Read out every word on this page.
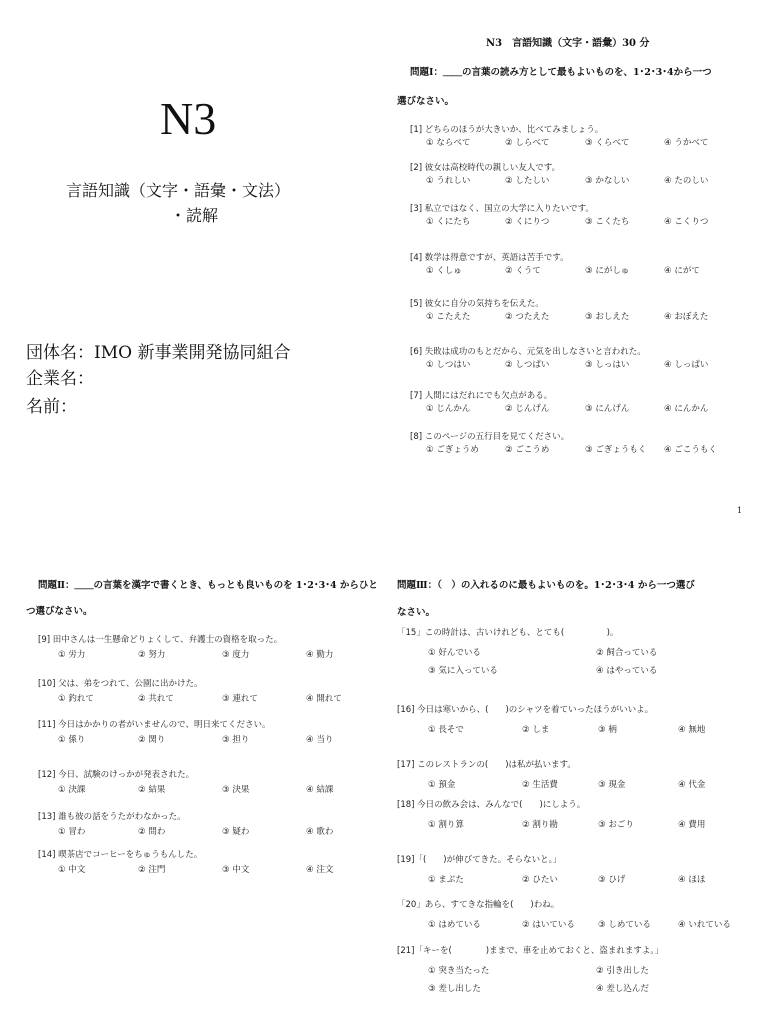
N3
言語知識（文字・語彙・文法）
・読解
団体名：IMO 新事業開発協同組合
企業名：
名前：
N3　言語知識（文字・語彙）30 分
問題Ⅰ：＿＿の言葉の読み方として最もよいものを、1･2･3･4から一つ
選びなさい。
[1] どちらのほうが大きいか、比べてみましょう。
① ならべて	② しらべて	③ くらべて	④ うかべて
[2] 彼女は高校時代の親しい友人です。
① うれしい	② したしい	③ かなしい	④ たのしい
[3] 私立ではなく、国立の大学に入りたいです。
① くにたち	② くにりつ	③ こくたち	④ こくりつ
[4] 数学は得意ですが、英語は苦手です。
① くしゅ	② くうて	③ にがしゅ	④ にがて
[5] 彼女に自分の気持ちを伝えた。
① こたえた	② つたえた	③ おしえた	④ おぼえた
[6] 失敗は成功のもとだから、元気を出しなさいと言われた。
① しつはい	② しつぱい	③ しっはい	④ しっぱい
[7] 人間にはだれにでも欠点がある。
① じんかん	② じんげん	③ にんげん	④ にんかん
[8] このページの五行目を見てください。
① ごぎょうめ	② ごこうめ	③ ごぎょうもく ④ ごこうもく
1
問題Ⅱ：＿＿の言葉を漢字で書くとき、もっとも良いものを 1･2･3･4 からひと
つ選びなさい。
[9] 田中さんは一生懸命どりょくして、弁護士の資格を取った。
① 労力	② 努力	③ 度力	④ 勤力
[10] 父は、弟をつれて、公園に出かけた。
① 釣れて	② 共れて	③ 連れて	④ 開れて
[11] 今日はかかりの者がいませんので、明日来てください。
① 係り	② 関り	③ 担り	④ 当り
[12] 今日、試験のけっかが発表された。
① 決課	② 結果	③ 決果	④ 結課
[13] 誰も彼の話をうたがわなかった。
① 冒わ	② 問わ	③ 疑わ	④ 歌わ
[14] 喫茶店でコーヒーをちゅうもんした。
① 中文	② 注門	③ 中文	④ 注文
問題Ⅲ：（　）の入れるのに最もよいものを。1･2･3･4 から一つ選び
なさい。
「15」この時計は、古いけれども、とても(　　　　　)。
① 好んでいる	② 飼合っている
③ 気に入っている	④ はやっている
[16] 今日は寒いから、(　　)のシャツを着ていったほうがいいよ。
① 長そで	② しま	③ 柄	④ 無地
[17] このレストランの(　　)は私が払います。
① 預金	② 生活費	③ 現金	④ 代金
[18] 今日の飲み会は、みんなで(　　)にしよう。
① 割り算	② 割り勘	③ おごり	④ 費用
[19]「(　　)が伸びてきた。そらないと。」
① まぶた	② ひたい	③ ひげ	④ ほほ
「20」あら、すてきな指輪を(　　)わね。
① はめている	② はいている	③ しめている	④ いれている
[21]「キーを(　　　　)ままで、車を止めておくと、盗まれますよ。」
① 突き当たった	② 引き出した
③ 差し出した	④ 差し込んだ
